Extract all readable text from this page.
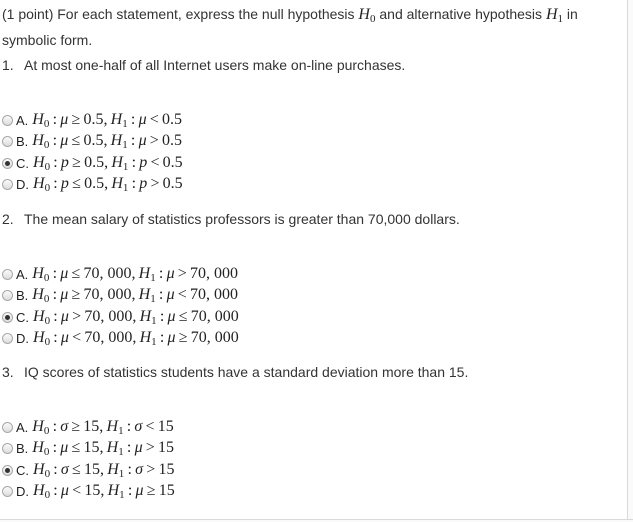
(1 point) For each statement, express the null hypothesis $H_0$ and alternative hypothesis $H_1$ in symbolic form.
1. At most one-half of all Internet users make on-line purchases.
A. $H_0$ : μ  ≥  0.5, $H_1$ : μ  <  0.5
B. $H_0$ : μ  ≤  0.5, $H_1$ : μ  >  0.5
C. $H_0$ : p  ≥  0.5, $H_1$ : p  <  0.5
D. $H_0$ : p  ≤  0.5, $H_1$ : p  >  0.5
2. The mean salary of statistics professors is greater than 70,000 dollars.
A. $H_0$ : μ  ≤  70, 000, $H_1$ : μ  >  70, 000
B. $H_0$ : μ  ≥  70, 000, $H_1$ : μ  <  70, 000
C. $H_0$ : μ  >  70, 000, $H_1$ : μ  ≤  70, 000
D. $H_0$ : μ  <  70, 000, $H_1$ : μ  ≥  70, 000
3. IQ scores of statistics students have a standard deviation more than 15.
A. $H_0$ : σ  ≥  15, $H_1$ : σ  <  15
B. $H_0$ : μ  ≤  15, $H_1$ : μ  >  15
C. $H_0$ : σ  ≤  15, $H_1$ : σ  >  15
D. $H_0$ : μ  <  15, $H_1$ : μ  ≥  15
